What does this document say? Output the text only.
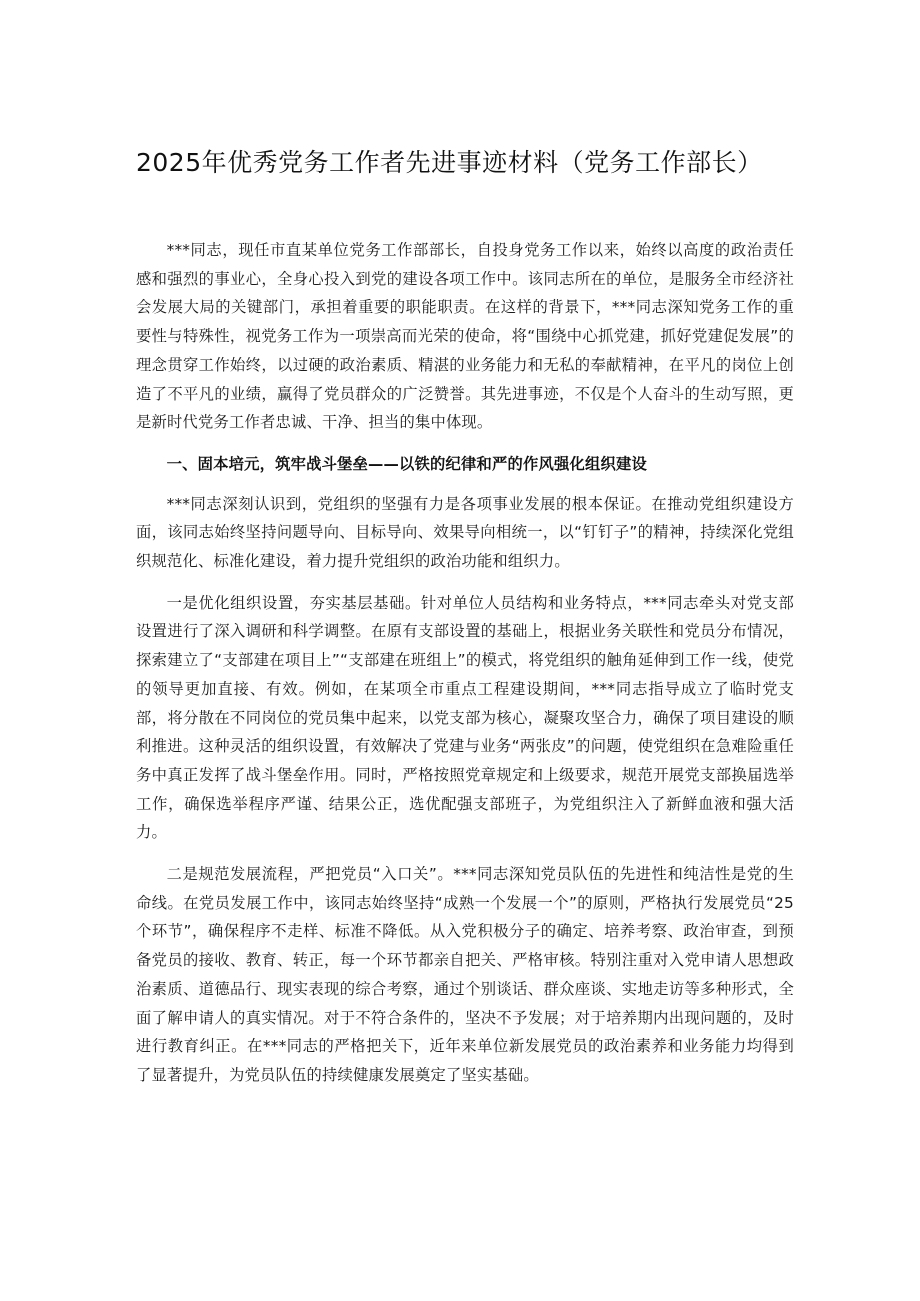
2025年优秀党务工作者先进事迹材料（党务工作部长）

***同志，现任市直某单位党务工作部部长，自投身党务工作以来，始终以高度的政治责任感和强烈的事业心，全身心投入到党的建设各项工作中。该同志所在的单位，是服务全市经济社会发展大局的关键部门，承担着重要的职能职责。在这样的背景下，***同志深知党务工作的重要性与特殊性，视党务工作为一项崇高而光荣的使命，将“围绕中心抓党建，抓好党建促发展”的理念贯穿工作始终，以过硬的政治素质、精湛的业务能力和无私的奉献精神，在平凡的岗位上创造了不平凡的业绩，赢得了党员群众的广泛赞誉。其先进事迹，不仅是个人奋斗的生动写照，更是新时代党务工作者忠诚、干净、担当的集中体现。

一、固本培元，筑牢战斗堡垒——以铁的纪律和严的作风强化组织建设

***同志深刻认识到，党组织的坚强有力是各项事业发展的根本保证。在推动党组织建设方面，该同志始终坚持问题导向、目标导向、效果导向相统一，以“钉钉子”的精神，持续深化党组织规范化、标准化建设，着力提升党组织的政治功能和组织力。

一是优化组织设置，夯实基层基础。针对单位人员结构和业务特点，***同志牵头对党支部设置进行了深入调研和科学调整。在原有支部设置的基础上，根据业务关联性和党员分布情况，探索建立了“支部建在项目上”“支部建在班组上”的模式，将党组织的触角延伸到工作一线，使党的领导更加直接、有效。例如，在某项全市重点工程建设期间，***同志指导成立了临时党支部，将分散在不同岗位的党员集中起来，以党支部为核心，凝聚攻坚合力，确保了项目建设的顺利推进。这种灵活的组织设置，有效解决了党建与业务“两张皮”的问题，使党组织在急难险重任务中真正发挥了战斗堡垒作用。同时，严格按照党章规定和上级要求，规范开展党支部换届选举工作，确保选举程序严谨、结果公正，选优配强支部班子，为党组织注入了新鲜血液和强大活力。

二是规范发展流程，严把党员“入口关”。***同志深知党员队伍的先进性和纯洁性是党的生命线。在党员发展工作中，该同志始终坚持“成熟一个发展一个”的原则，严格执行发展党员“25个环节”，确保程序不走样、标准不降低。从入党积极分子的确定、培养考察、政治审查，到预备党员的接收、教育、转正，每一个环节都亲自把关、严格审核。特别注重对入党申请人思想政治素质、道德品行、现实表现的综合考察，通过个别谈话、群众座谈、实地走访等多种形式，全面了解申请人的真实情况。对于不符合条件的，坚决不予发展；对于培养期内出现问题的，及时进行教育纠正。在***同志的严格把关下，近年来单位新发展党员的政治素养和业务能力均得到了显著提升，为党员队伍的持续健康发展奠定了坚实基础。
